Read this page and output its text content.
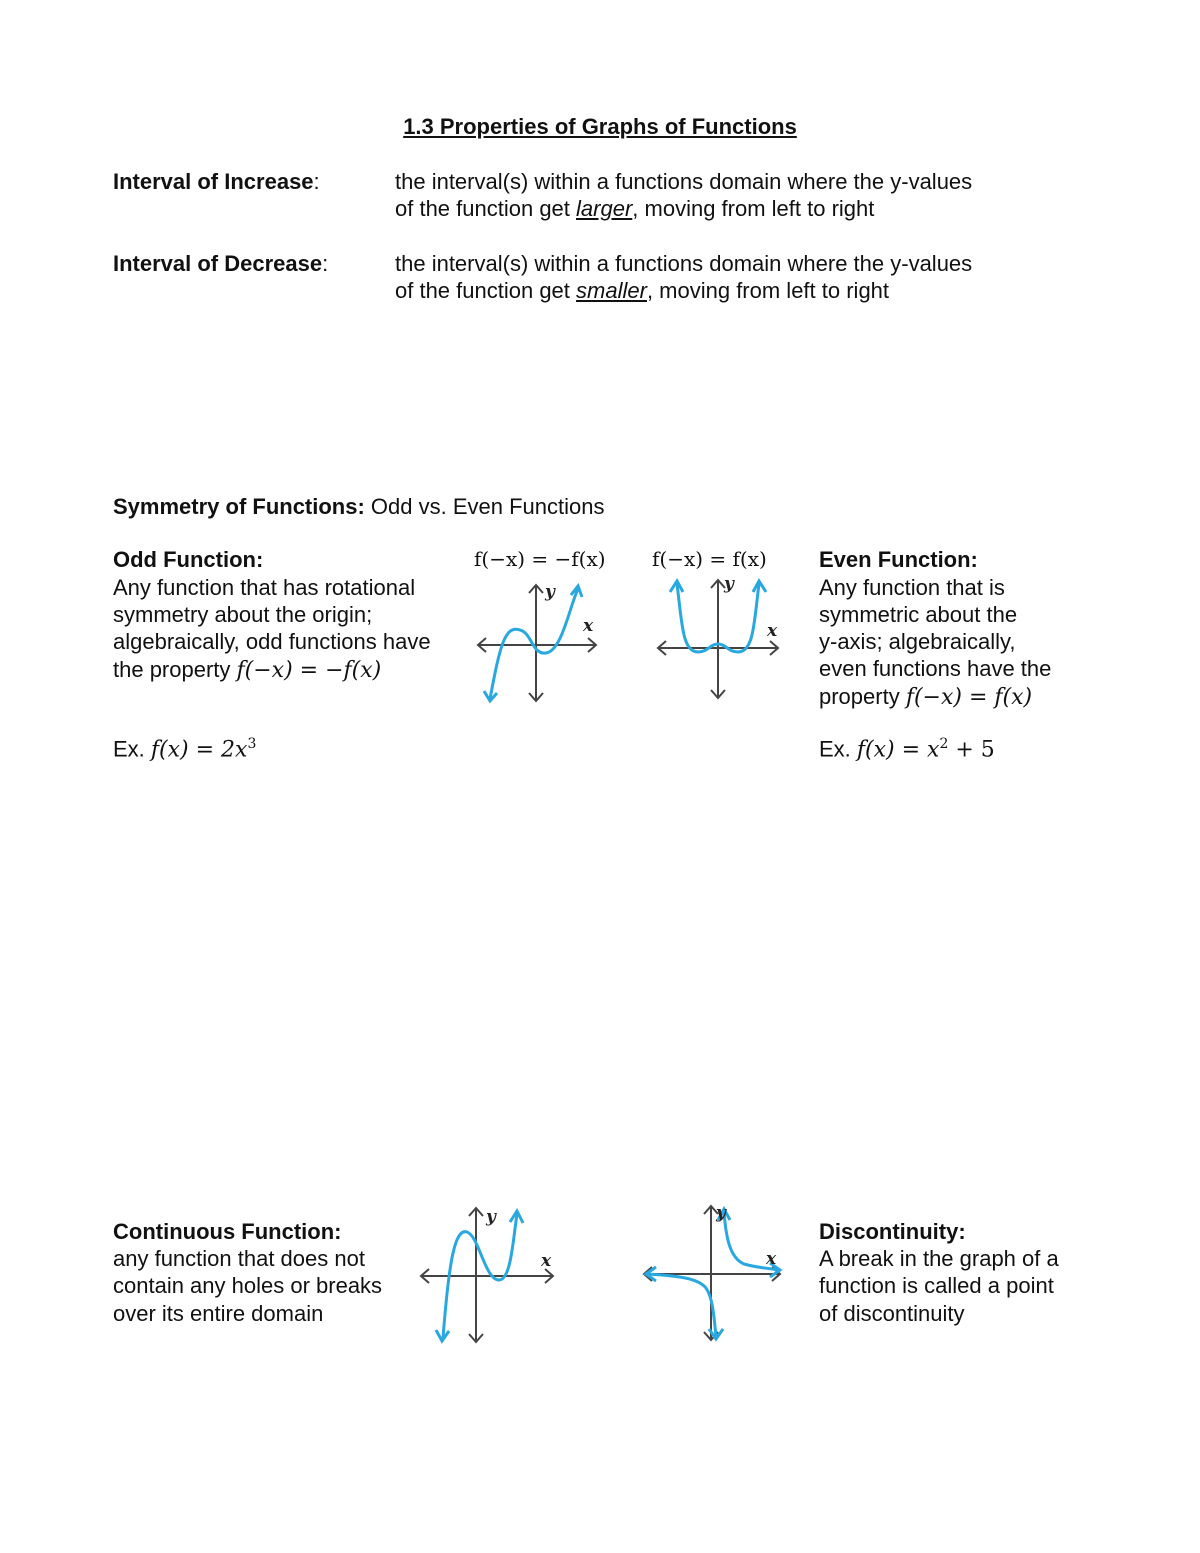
1.3 Properties of Graphs of Functions
Interval of Increase:	the interval(s) within a functions domain where the y-values
of the function get larger, moving from left to right
Interval of Decrease:	the interval(s) within a functions domain where the y-values
of the function get smaller, moving from left to right
Symmetry of Functions: Odd vs. Even Functions
Odd Function:
Any function that has rotational
symmetry about the origin;
algebraically, odd functions have
the property f(−x) = −f(x)
Ex. $f(x) = 2x^3$
f(−x) = −f(x)
y
x
f(−x) = f(x)
y
x
Even Function:
Any function that is
symmetric about the
y-axis; algebraically,
even functions have the
property f(−x) = f(x)
Ex. $f(x) = x^2 + 5$
Continuous Function:
any function that does not
contain any holes or breaks
over its entire domain
y
x
y
x
Discontinuity:
A break in the graph of a
function is called a point
of discontinuity
